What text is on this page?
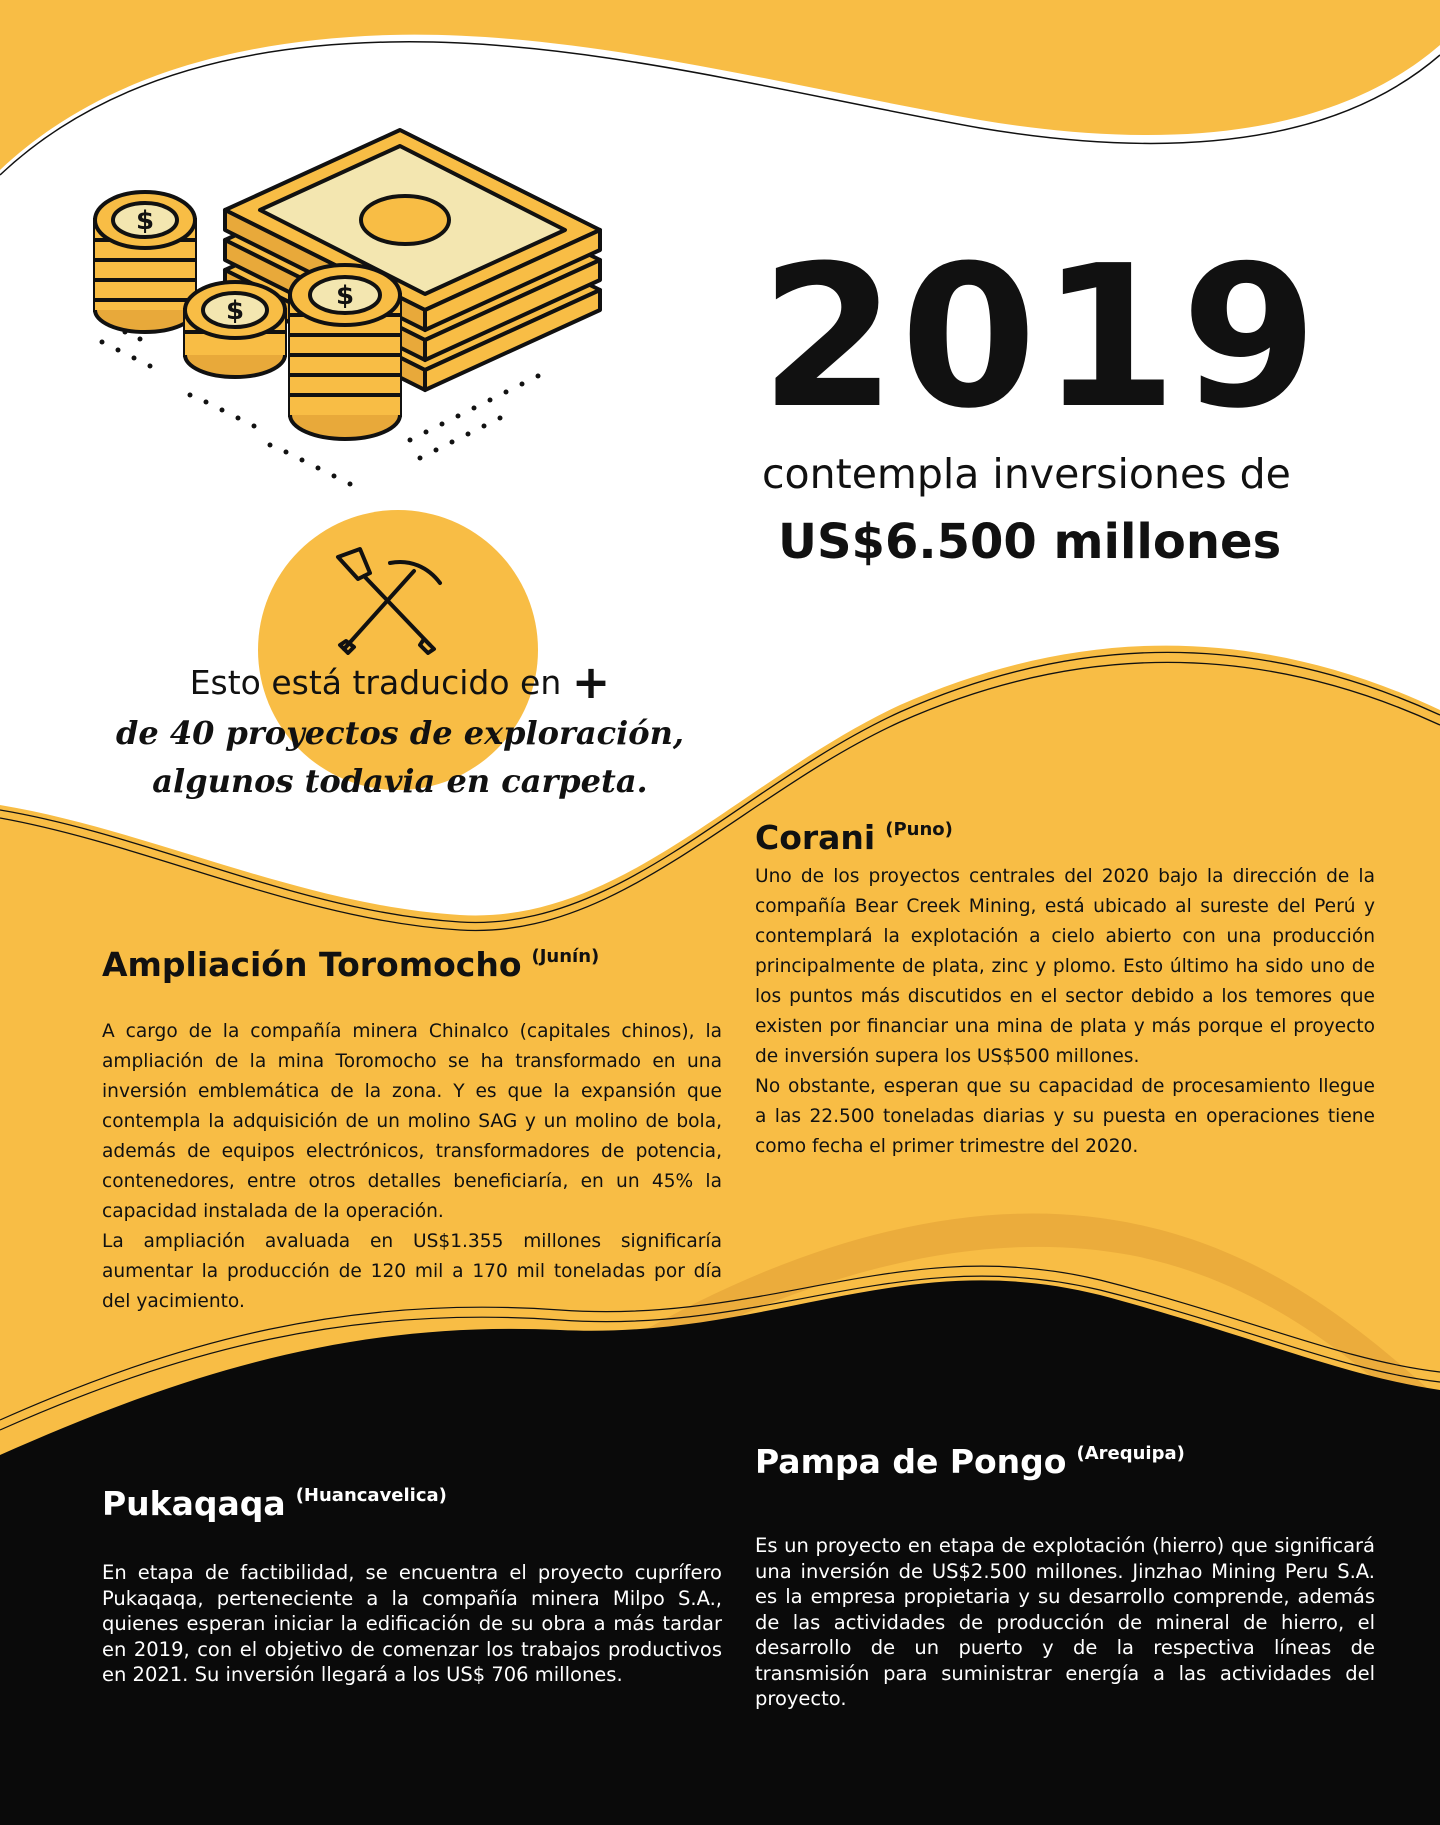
$
$	$ 2019
contempla inversiones de
US$6.500 millones
Esto está traducido en +
de 40 proyectos de exploración,
algunos todavia en carpeta.
Corani $^{(Puno)}$

Uno de los proyectos centrales del 2020 bajo la dirección de la compañía Bear Creek Mining, está ubicado al sureste del Perú y contemplará la explotación a cielo abierto con una producción principalmente de plata, zinc y plomo. Esto último ha sido uno de los puntos más discutidos en el sector debido a los temores que existen por financiar una mina de plata y más porque el proyecto de inversión supera los US$500 millones.

No obstante, esperan que su capacidad de procesamiento llegue a las 22.500 toneladas diarias y su puesta en operaciones tiene como fecha el primer trimestre del 2020.

Ampliación Toromocho $^{(Junín)}$

A cargo de la compañía minera Chinalco (capitales chinos), la ampliación de la mina Toromocho se ha transformado en una inversión emblemática de la zona. Y es que la expansión que contempla la adquisición de un molino SAG y un molino de bola, además de equipos electrónicos, transformadores de potencia, contenedores, entre otros detalles beneficiaría, en un 45% la capacidad instalada de la operación.

La ampliación avaluada en US$1.355 millones significaría aumentar la producción de 120 mil a 170 mil toneladas por día del yacimiento.

Pampa de Pongo $^{(Arequipa)}$

Es un proyecto en etapa de explotación (hierro) que significará una inversión de US$2.500 millones. Jinzhao Mining Peru S.A. es la empresa propietaria y su desarrollo comprende, además de las actividades de producción de mineral de hierro, el desarrollo de un puerto y de la respectiva líneas de transmisión para suministrar energía a las actividades del proyecto.

Pukaqaqa $^{(Huancavelica)}$

En etapa de factibilidad, se encuentra el proyecto cuprífero Pukaqaqa, perteneciente a la compañía minera Milpo S.A., quienes esperan iniciar la edificación de su obra a más tardar en 2019, con el objetivo de comenzar los trabajos productivos en 2021. Su inversión llegará a los US$ 706 millones.
